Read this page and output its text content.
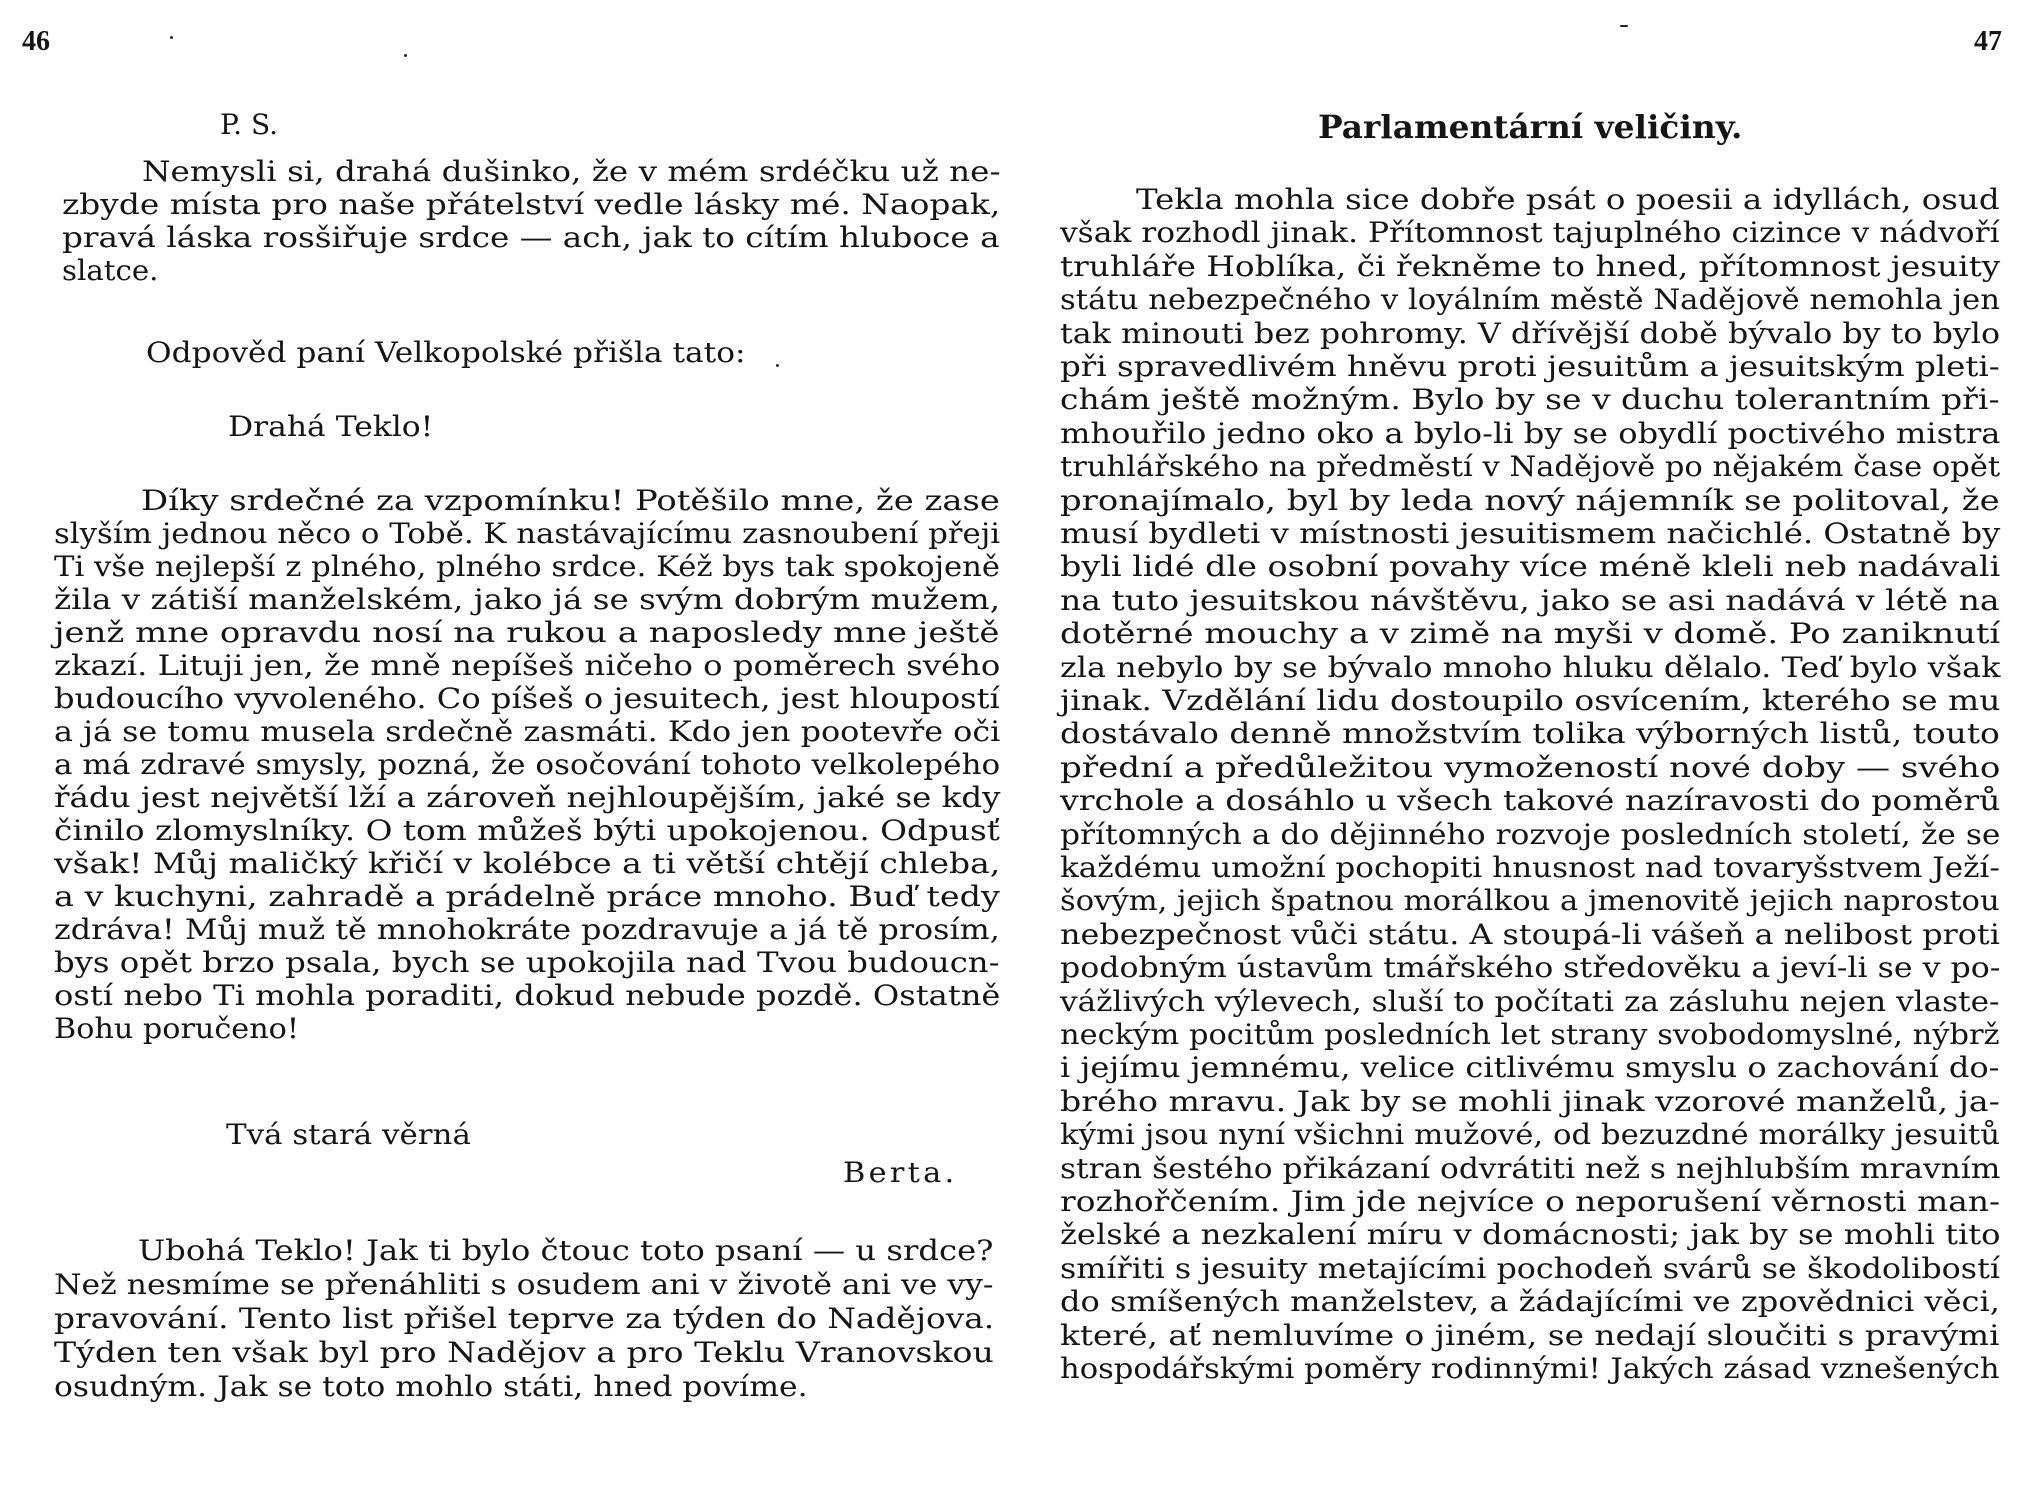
46
P. S.
Odpověd paní Velkopolské přišla tato:
Drahá Teklo!
Tvá stará věrná
Berta.
Nemysli si, drahá dušinko, že v mém srdéčku už ne-
zbyde místa pro naše přátelství vedle lásky mé. Naopak,
pravá láska rosšiřuje srdce — ach, jak to cítím hluboce a
slatce.
Díky srdečné za vzpomínku! Potěšilo mne, že zase
slyším jednou něco o Tobě. K nastávajícímu zasnoubení přeji
Ti vše nejlepší z plného, plného srdce. Kéž bys tak spokojeně
žila v zátiší manželském, jako já se svým dobrým mužem,
jenž mne opravdu nosí na rukou a naposledy mne ještě
zkazí. Lituji jen, že mně nepíšeš ničeho o poměrech svého
budoucího vyvoleného. Co píšeš o jesuitech, jest hloupostí
a já se tomu musela srdečně zasmáti. Kdo jen pootevře oči
a má zdravé smysly, pozná, že osočování tohoto velkolepého
řádu jest největší lží a zároveň nejhloupějším, jaké se kdy
činilo zlomyslníky. O tom můžeš býti upokojenou. Odpusť
však! Můj maličký křičí v kolébce a ti větší chtějí chleba,
a v kuchyni, zahradě a prádelně práce mnoho. Buď tedy
zdráva! Můj muž tě mnohokráte pozdravuje a já tě prosím,
bys opět brzo psala, bych se upokojila nad Tvou budoucn-
ostí nebo Ti mohla poraditi, dokud nebude pozdě. Ostatně
Bohu poručeno!
Ubohá Teklo! Jak ti bylo čtouc toto psaní — u srdce?
Než nesmíme se přenáhliti s osudem ani v životě ani ve vy-
pravování. Tento list přišel teprve za týden do Nadějova.
Týden ten však byl pro Nadějov a pro Teklu Vranovskou
osudným. Jak se toto mohlo státi, hned povíme.
47
Parlamentární veličiny.
Tekla mohla sice dobře psát o poesii a idyllách, osud
však rozhodl jinak. Přítomnost tajuplného cizince v nádvoří
truhláře Hoblíka, či řekněme to hned, přítomnost jesuity
státu nebezpečného v loyálním městě Nadějově nemohla jen
tak minouti bez pohromy. V dřívější době bývalo by to bylo
při spravedlivém hněvu proti jesuitům a jesuitským pleti-
chám ještě možným. Bylo by se v duchu tolerantním při-
mhouřilo jedno oko a bylo-li by se obydlí poctivého mistra
truhlářského na předměstí v Nadějově po nějakém čase opět
pronajímalo, byl by leda nový nájemník se politoval, že
musí bydleti v místnosti jesuitismem načichlé. Ostatně by
byli lidé dle osobní povahy více méně kleli neb nadávali
na tuto jesuitskou návštěvu, jako se asi nadává v létě na
dotěrné mouchy a v zimě na myši v domě. Po zaniknutí
zla nebylo by se bývalo mnoho hluku dělalo. Teď bylo však
jinak. Vzdělání lidu dostoupilo osvícením, kterého se mu
dostávalo denně množstvím tolika výborných listů, touto
přední a předůležitou vymožeností nové doby — svého
vrchole a dosáhlo u všech takové nazíravosti do poměrů
přítomných a do dějinného rozvoje posledních století, že se
každému umožní pochopiti hnusnost nad tovaryšstvem Ježí-
šovým, jejich špatnou morálkou a jmenovitě jejich naprostou
nebezpečnost vůči státu. A stoupá-li vášeň a nelibost proti
podobným ústavům tmářského středověku a jeví-li se v po-
vážlivých výlevech, sluší to počítati za zásluhu nejen vlaste-
neckým pocitům posledních let strany svobodomyslné, nýbrž
i jejímu jemnému, velice citlivému smyslu o zachování do-
brého mravu. Jak by se mohli jinak vzorové manželů, ja-
kými jsou nyní všichni mužové, od bezuzdné morálky jesuitů
stran šestého přikázaní odvrátiti než s nejhlubším mravním
rozhořčením. Jim jde nejvíce o neporušení věrnosti man-
želské a nezkalení míru v domácnosti; jak by se mohli tito
smířiti s jesuity metajícími pochodeň svárů se škodolibostí
do smíšených manželstev, a žádajícími ve zpovědnici věci,
které, ať nemluvíme o jiném, se nedají sloučiti s pravými
hospodářskými poměry rodinnými! Jakých zásad vznešených
